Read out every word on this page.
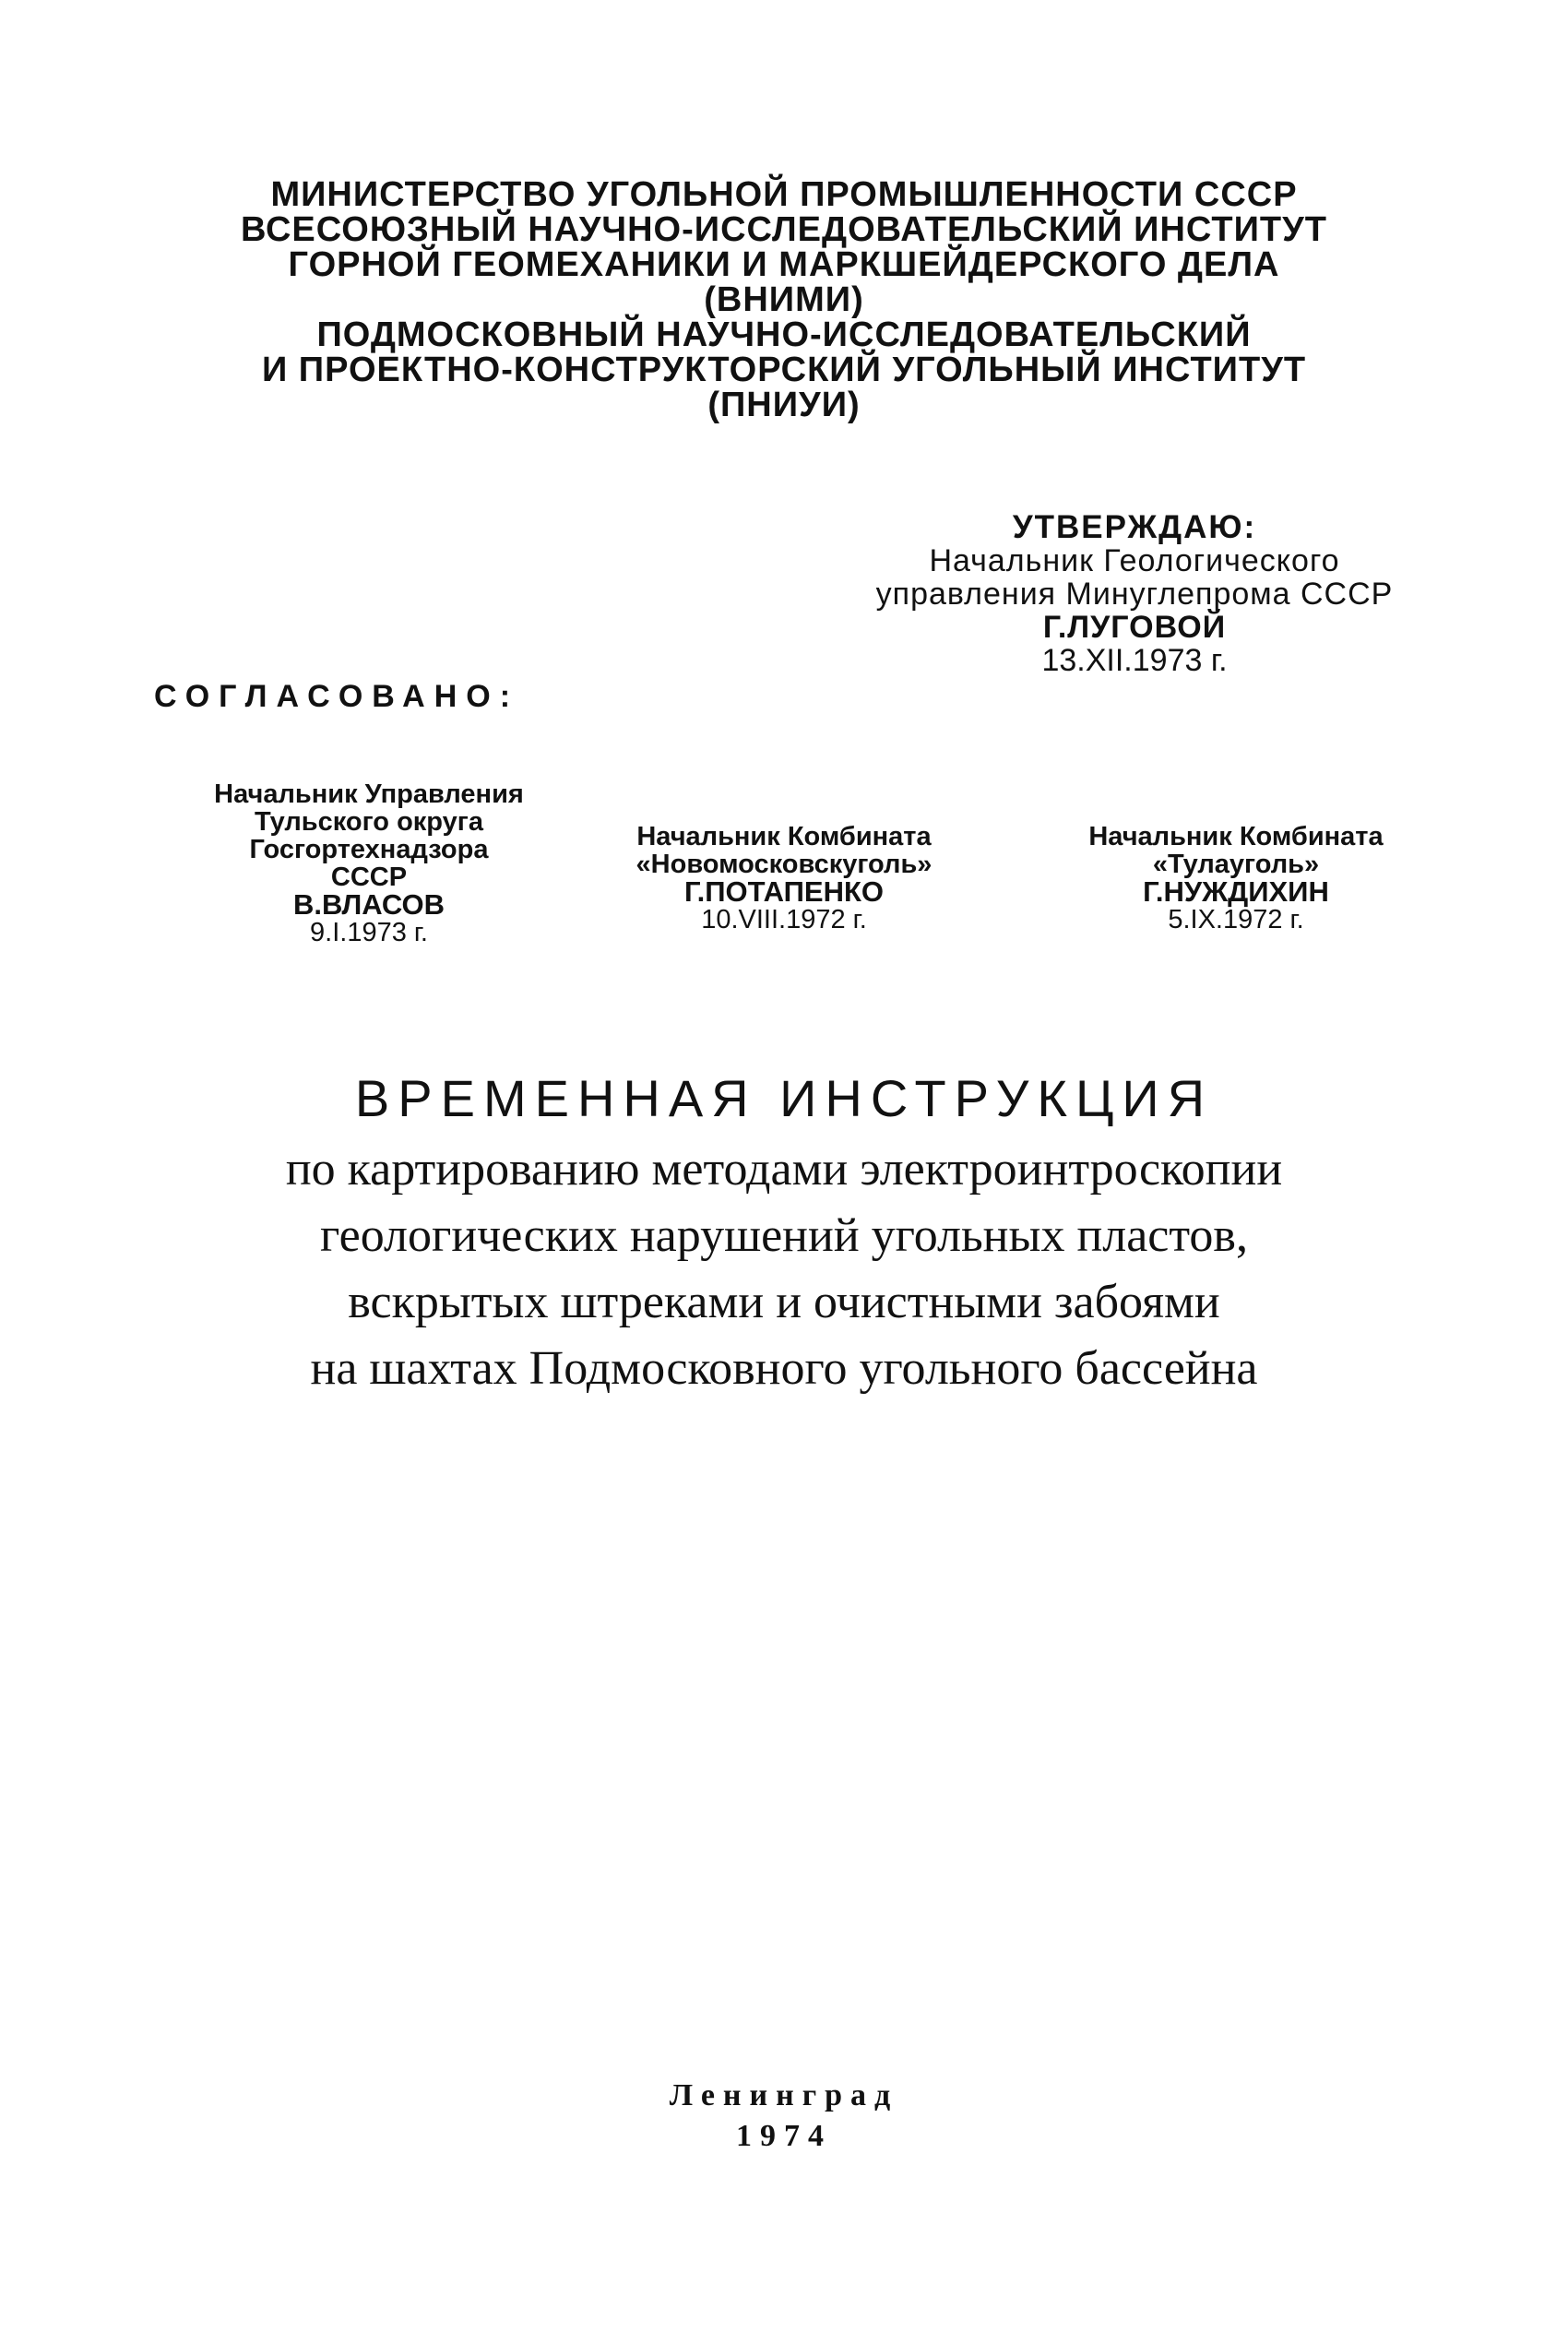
МИНИСТЕРСТВО УГОЛЬНОЙ ПРОМЫШЛЕННОСТИ СССР
ВСЕСОЮЗНЫЙ НАУЧНО-ИССЛЕДОВАТЕЛЬСКИЙ ИНСТИТУТ
ГОРНОЙ ГЕОМЕХАНИКИ И МАРКШЕЙДЕРСКОГО ДЕЛА
(ВНИМИ)
ПОДМОСКОВНЫЙ НАУЧНО-ИССЛЕДОВАТЕЛЬСКИЙ
И ПРОЕКТНО-КОНСТРУКТОРСКИЙ УГОЛЬНЫЙ ИНСТИТУТ
(ПНИУИ)
УТВЕРЖДАЮ:
Начальник Геологического
управления Минуглепрома СССР
Г.ЛУГОВОЙ
13.XII.1973 г.
СОГЛАСОВАНО:
Начальник Управления
Тульского округа
Госгортехнадзора
СССР
В.ВЛАСОВ
9.I.1973 г.
Начальник Комбината
«Новомосковскуголь»
Г.ПОТАПЕНКО
10.VIII.1972 г.
Начальник Комбината
«Тулауголь»
Г.НУЖДИХИН
5.IX.1972 г.
ВРЕМЕННАЯ ИНСТРУКЦИЯ
по картированию методами электроинтроскопии
геологических нарушений угольных пластов,
вскрытых штреками и очистными забоями
на шахтах Подмосковного угольного бассейна
Ленинград
1974
